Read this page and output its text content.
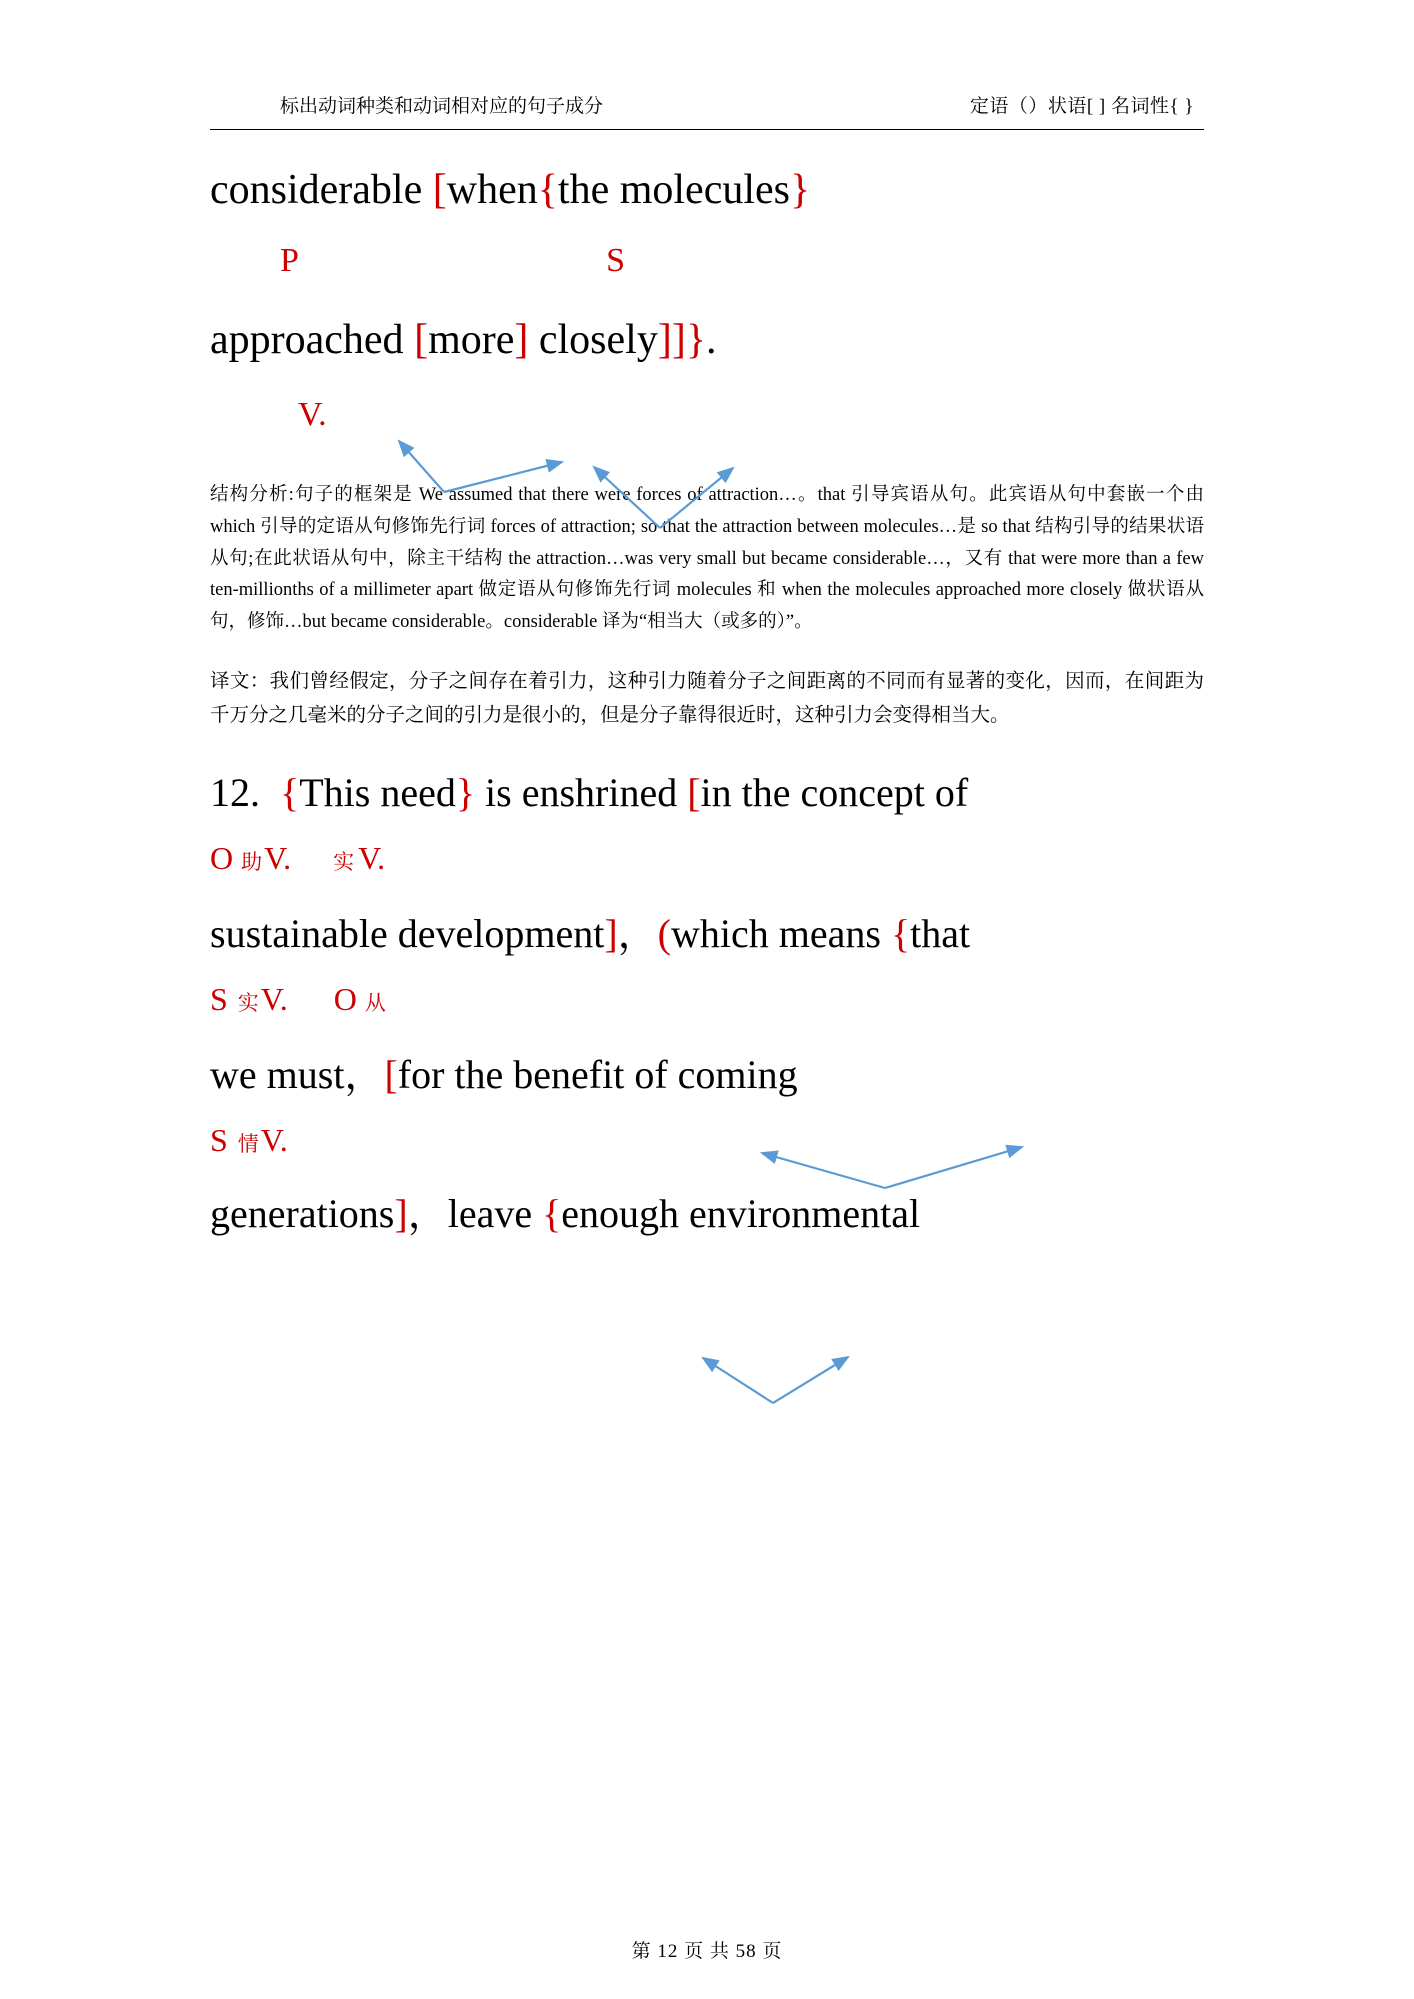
标出动词种类和动词相对应的句子成分	定语（）状语[ ] 名词性{ }
considerable [when{the molecules}
P	S
approached [more] closely]]}.
V.
结构分析:句子的框架是 We assumed that there were forces of attraction…。that 引导宾语从句。此宾语从句中套嵌一个由 which 引导的定语从句修饰先行词 forces of attraction; so that the attraction between molecules…是 so that 结构引导的结果状语从句;在此状语从句中，除主干结构 the attraction…was very small but became considerable…，又有 that were more than a few ten-millionths of a millimeter apart 做定语从句修饰先行词 molecules 和 when the molecules approached more closely 做状语从句，修饰…but became considerable。considerable 译为“相当大（或多的）”。
译文：我们曾经假定，分子之间存在着引力，这种引力随着分子之间距离的不同而有显著的变化，因而，在间距为千万分之几毫米的分子之间的引力是很小的，但是分子靠得很近时，这种引力会变得相当大。
12. {This need} is enshrined [in the concept of
O助V. 实 V.
sustainable development]，(which means {that
S实V. O 从
we must，[for the benefit of coming
S情V.
generations]，leave {enough environmental
第 12 页 共 58 页
